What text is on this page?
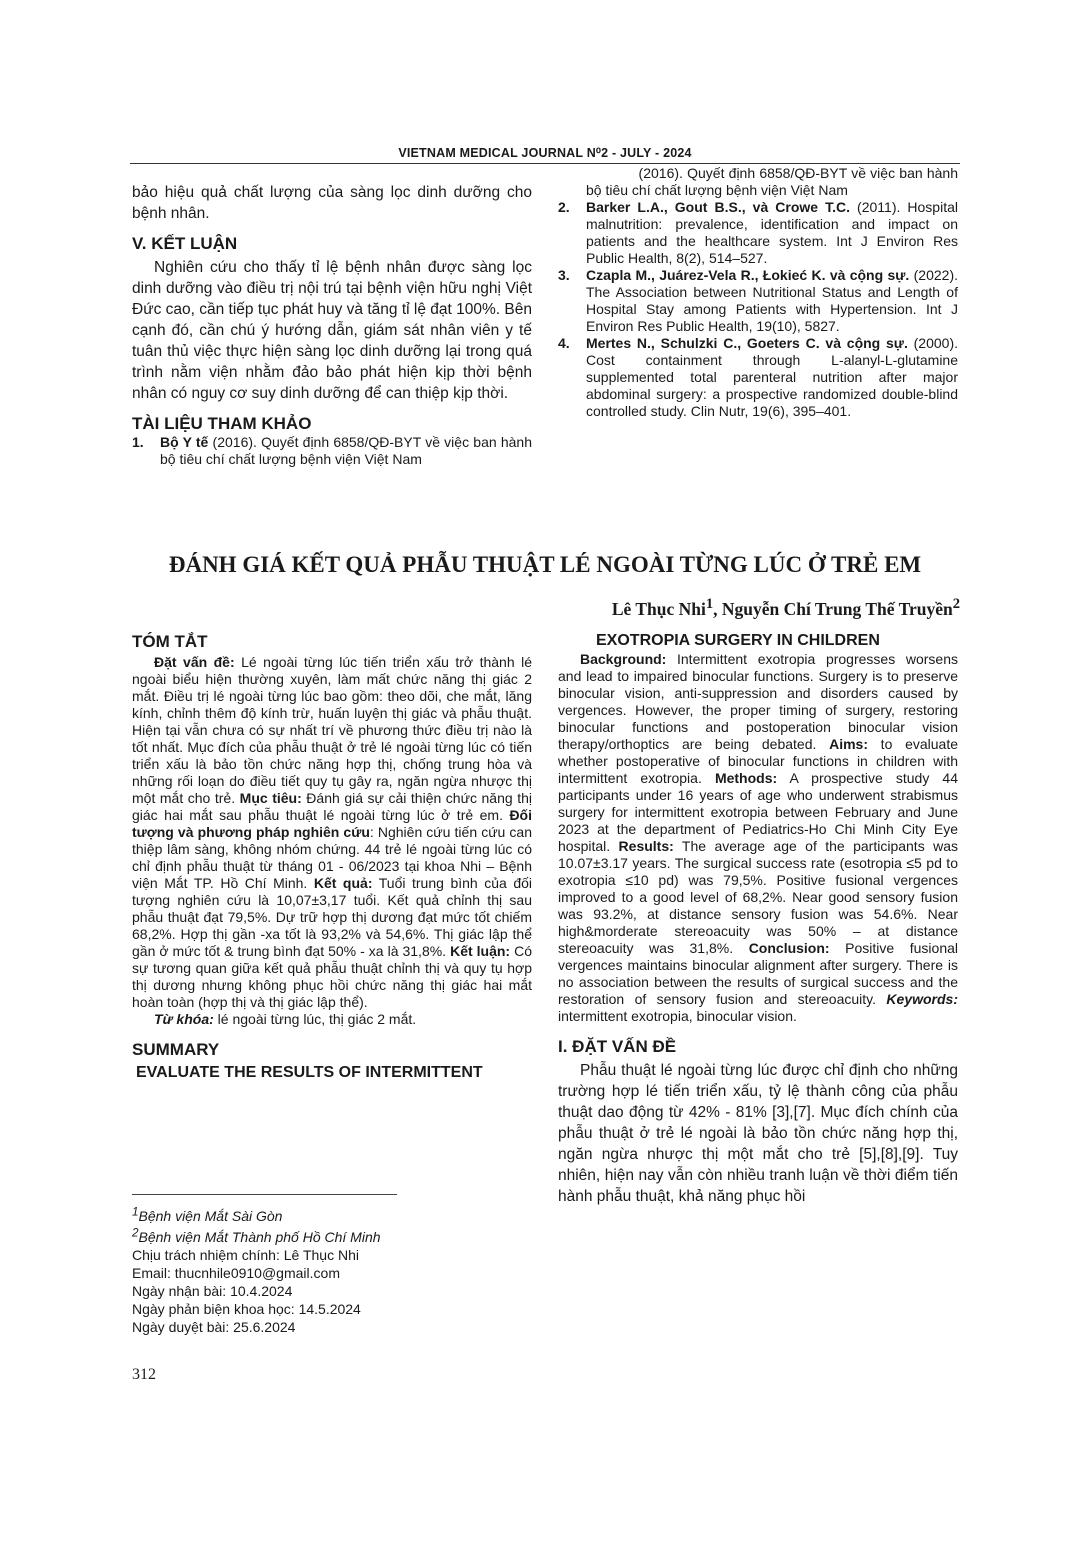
VIETNAM MEDICAL JOURNAL N⁰2 - JULY - 2024
bảo hiệu quả chất lượng của sàng lọc dinh dưỡng cho bệnh nhân.
V. KẾT LUẬN
Nghiên cứu cho thấy tỉ lệ bệnh nhân được sàng lọc dinh dưỡng vào điều trị nội trú tại bệnh viện hữu nghị Việt Đức cao, cần tiếp tục phát huy và tăng tỉ lệ đạt 100%. Bên cạnh đó, cần chú ý hướng dẫn, giám sát nhân viên y tế tuân thủ việc thực hiện sàng lọc dinh dưỡng lại trong quá trình nằm viện nhằm đảo bảo phát hiện kịp thời bệnh nhân có nguy cơ suy dinh dưỡng để can thiệp kịp thời.
TÀI LIỆU THAM KHẢO
1.	Bộ Y tế (2016). Quyết định 6858/QĐ-BYT về việc ban hành bộ tiêu chí chất lượng bệnh viện Việt Nam
(2016). Quyết định 6858/QĐ-BYT về việc ban hành bộ tiêu chí chất lượng bệnh viện Việt Nam
2.	Barker L.A., Gout B.S., và Crowe T.C. (2011). Hospital malnutrition: prevalence, identification and impact on patients and the healthcare system. Int J Environ Res Public Health, 8(2), 514–527.
3.	Czapla M., Juárez-Vela R., Łokieć K. và cộng sự. (2022). The Association between Nutritional Status and Length of Hospital Stay among Patients with Hypertension. Int J Environ Res Public Health, 19(10), 5827.
4.	Mertes N., Schulzki C., Goeters C. và cộng sự. (2000). Cost containment through L-alanyl-L-glutamine supplemented total parenteral nutrition after major abdominal surgery: a prospective randomized double-blind controlled study. Clin Nutr, 19(6), 395–401.
ĐÁNH GIÁ KẾT QUẢ PHẪU THUẬT LÉ NGOÀI TỪNG LÚC Ở TRẺ EM
Lê Thục Nhi$^1$, Nguyễn Chí Trung Thế Truyền$^2$
TÓM TẮT
Đặt vấn đề: Lé ngoài từng lúc tiến triển xấu trở thành lé ngoài biểu hiện thường xuyên, làm mất chức năng thị giác 2 mắt. Điều trị lé ngoài từng lúc bao gồm: theo dõi, che mắt, lăng kính, chỉnh thêm độ kính trừ, huấn luyện thị giác và phẫu thuật. Hiện tại vẫn chưa có sự nhất trí về phương thức điều trị nào là tốt nhất. Mục đích của phẫu thuật ở trẻ lé ngoài từng lúc có tiến triển xấu là bảo tồn chức năng hợp thị, chống trung hòa và những rối loạn do điều tiết quy tụ gây ra, ngăn ngừa nhược thị một mắt cho trẻ. Mục tiêu: Đánh giá sự cải thiện chức năng thị giác hai mắt sau phẫu thuật lé ngoài từng lúc ở trẻ em. Đối tượng và phương pháp nghiên cứu: Nghiên cứu tiến cứu can thiệp lâm sàng, không nhóm chứng. 44 trẻ lé ngoài từng lúc có chỉ định phẫu thuật từ tháng 01 - 06/2023 tại khoa Nhi – Bệnh viện Mắt TP. Hồ Chí Minh. Kết quả: Tuổi trung bình của đối tượng nghiên cứu là 10,07±3,17 tuổi. Kết quả chỉnh thị sau phẫu thuật đạt 79,5%. Dự trữ hợp thị dương đạt mức tốt chiếm 68,2%. Hợp thị gần -xa tốt là 93,2% và 54,6%. Thị giác lập thể gần ở mức tốt & trung bình đạt 50% - xa là 31,8%. Kết luận: Có sự tương quan giữa kết quả phẫu thuật chỉnh thị và quy tụ hợp thị dương nhưng không phục hồi chức năng thị giác hai mắt hoàn toàn (hợp thị và thị giác lập thể).
Từ khóa: lé ngoài từng lúc, thị giác 2 mắt.
SUMMARY
EVALUATE THE RESULTS OF INTERMITTENT
EXOTROPIA SURGERY IN CHILDREN
Background: Intermittent exotropia progresses worsens and lead to impaired binocular functions. Surgery is to preserve binocular vision, anti-suppression and disorders caused by vergences. However, the proper timing of surgery, restoring binocular functions and postoperation binocular vision therapy/orthoptics are being debated. Aims: to evaluate whether postoperative of binocular functions in children with intermittent exotropia. Methods: A prospective study 44 participants under 16 years of age who underwent strabismus surgery for intermittent exotropia between February and June 2023 at the department of Pediatrics-Ho Chi Minh City Eye hospital. Results: The average age of the participants was 10.07±3.17 years. The surgical success rate (esotropia ≤5 pd to exotropia ≤10 pd) was 79,5%. Positive fusional vergences improved to a good level of 68,2%. Near good sensory fusion was 93.2%, at distance sensory fusion was 54.6%. Near high&morderate stereoacuity was 50% – at distance stereoacuity was 31,8%. Conclusion: Positive fusional vergences maintains binocular alignment after surgery. There is no association between the results of surgical success and the restoration of sensory fusion and stereoacuity. Keywords: intermittent exotropia, binocular vision.
I. ĐẶT VẤN ĐỀ
Phẫu thuật lé ngoài từng lúc được chỉ định cho những trường hợp lé tiến triển xấu, tỷ lệ thành công của phẫu thuật dao động từ 42% - 81% [3],[7]. Mục đích chính của phẫu thuật ở trẻ lé ngoài là bảo tồn chức năng hợp thị, ngăn ngừa nhược thị một mắt cho trẻ [5],[8],[9]. Tuy nhiên, hiện nay vẫn còn nhiều tranh luận về thời điểm tiến hành phẫu thuật, khả năng phục hồi
$^1$Bệnh viện Mắt Sài Gòn
$^2$Bệnh viện Mắt Thành phố Hồ Chí Minh
Chịu trách nhiệm chính: Lê Thục Nhi
Email: thucnhile0910@gmail.com
Ngày nhận bài: 10.4.2024
Ngày phản biện khoa học: 14.5.2024
Ngày duyệt bài: 25.6.2024
312
